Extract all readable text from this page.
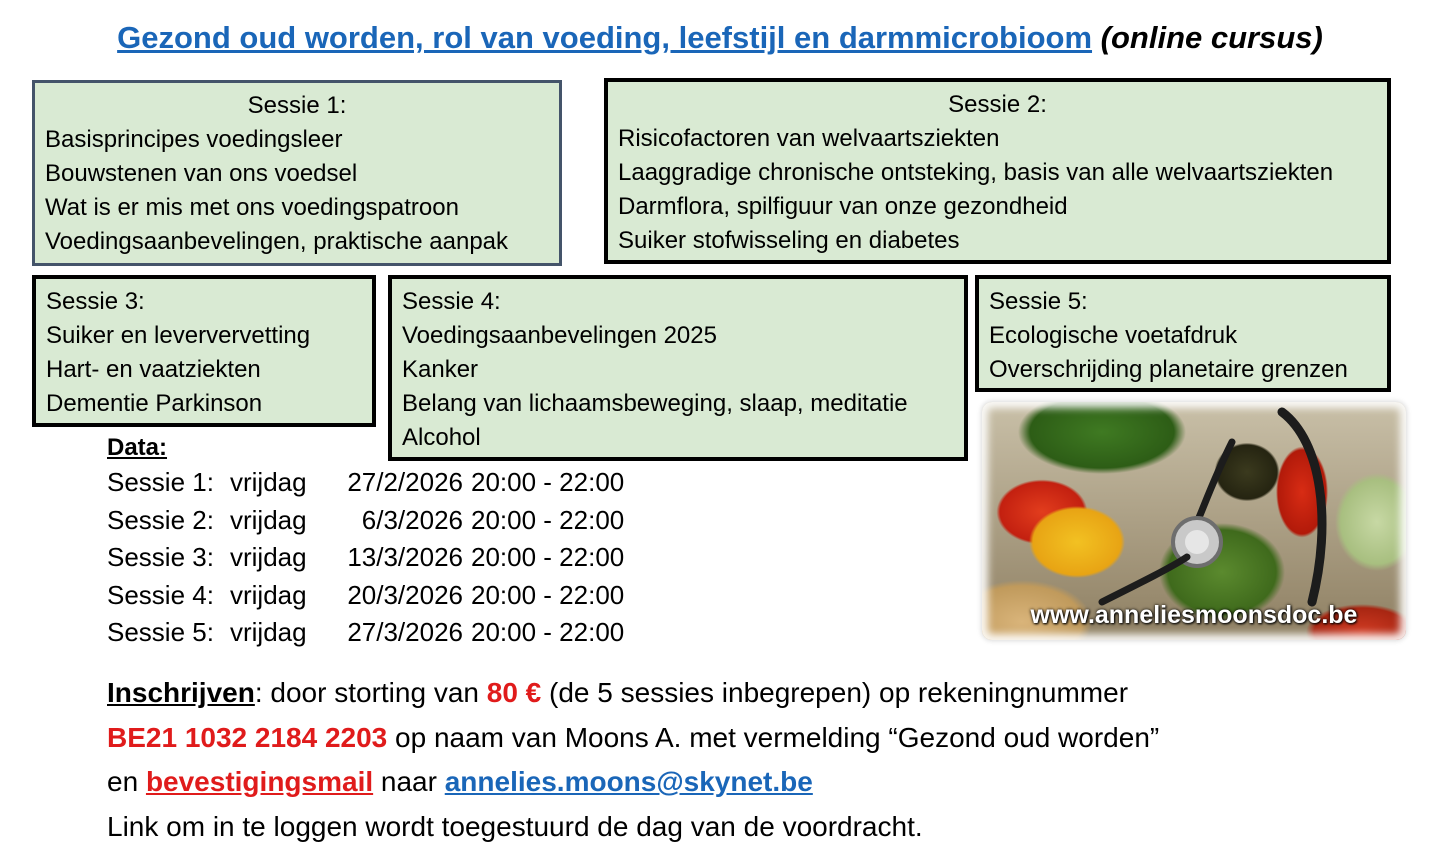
Gezond oud worden, rol van voeding, leefstijl en darmmicrobioom (online cursus)
Sessie 1:
Basisprincipes voedingsleer
Bouwstenen van ons voedsel
Wat is er mis met ons voedingspatroon
Voedingsaanbevelingen, praktische aanpak
Sessie 2:
Risicofactoren van welvaartsziekten
Laaggradige chronische ontsteking, basis van alle welvaartsziekten
Darmflora, spilfiguur van onze gezondheid
Suiker stofwisseling en diabetes
Sessie 3:
Suiker en leververvetting
Hart- en vaatziekten
Dementie Parkinson
Sessie 4:
Voedingsaanbevelingen 2025
Kanker
Belang van lichaamsbeweging, slaap, meditatie
Alcohol
Sessie 5:
Ecologische voetafdruk
Overschrijding planetaire grenzen
Data:
Sessie 1: vrijdag	27/2/2026 20:00 - 22:00
Sessie 2: vrijdag	6/3/2026 20:00 - 22:00
Sessie 3: vrijdag	13/3/2026 20:00 - 22:00
Sessie 4: vrijdag	20/3/2026 20:00 - 22:00
Sessie 5: vrijdag	27/3/2026 20:00 - 22:00
www.anneliesmoonsdoc.be
Inschrijven: door storting van 80 € (de 5 sessies inbegrepen) op rekeningnummer
BE21 1032 2184 2203 op naam van Moons A. met vermelding “Gezond oud worden”
en bevestigingsmail naar annelies.moons@skynet.be
Link om in te loggen wordt toegestuurd de dag van de voordracht.
